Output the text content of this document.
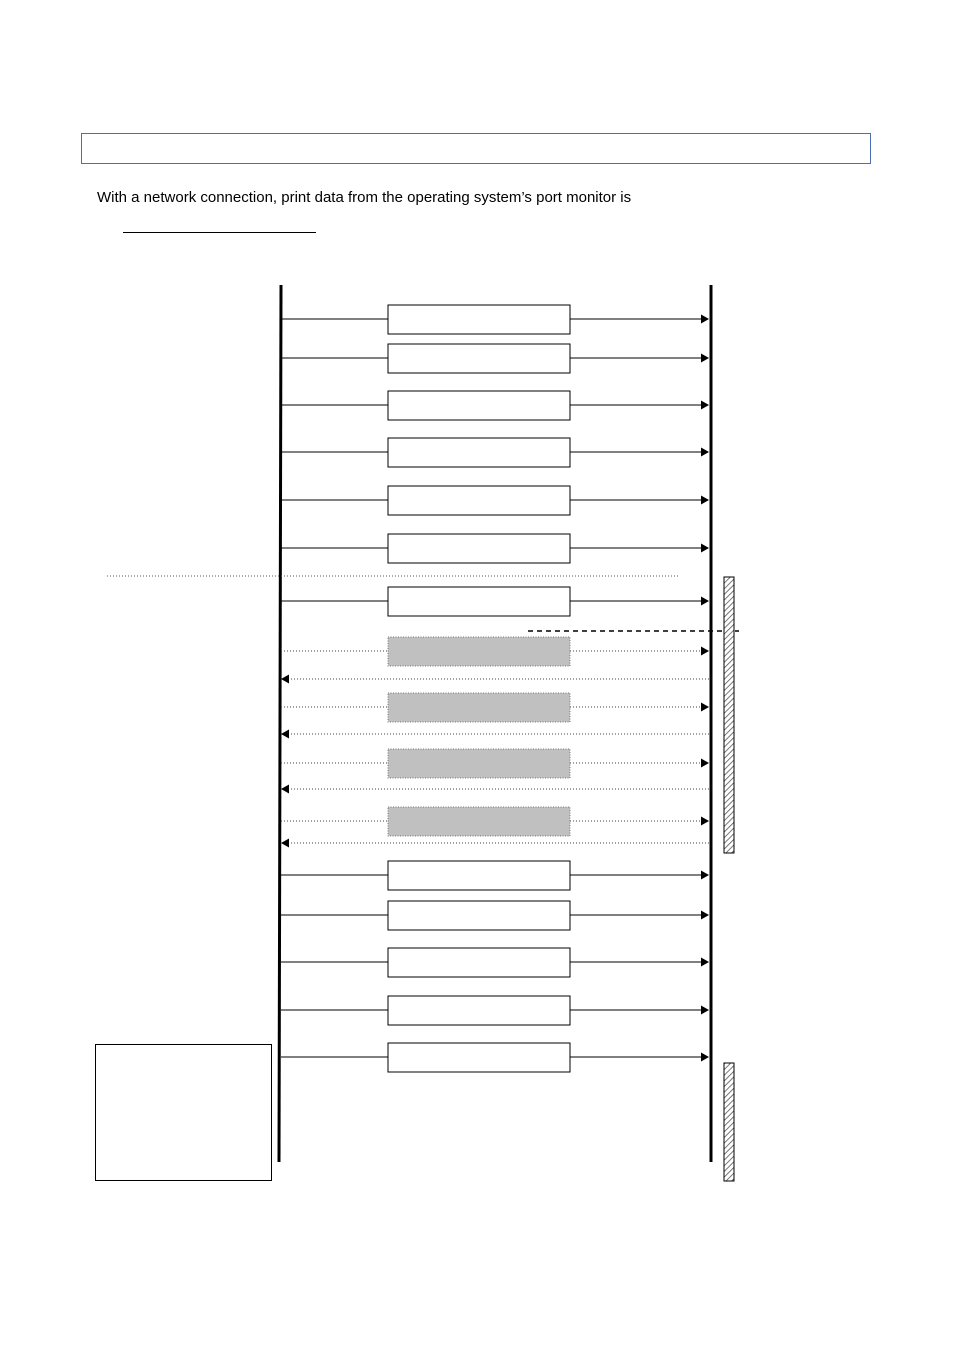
With a network connection, print data from the operating system’s port monitor is
